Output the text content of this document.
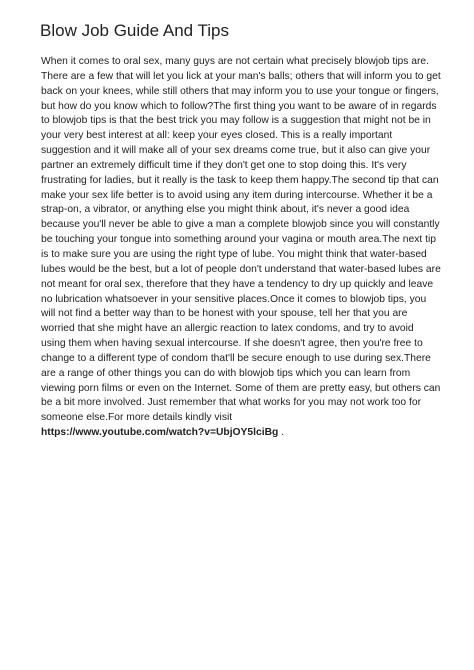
Blow Job Guide And Tips

When it comes to oral sex, many guys are not certain what precisely blowjob tips are. There are a few that will let you lick at your man's balls; others that will inform you to get back on your knees, while still others that may inform you to use your tongue or fingers, but how do you know which to follow?The first thing you want to be aware of in regards to blowjob tips is that the best trick you may follow is a suggestion that might not be in your very best interest at all: keep your eyes closed. This is a really important suggestion and it will make all of your sex dreams come true, but it also can give your partner an extremely difficult time if they don't get one to stop doing this. It's very frustrating for ladies, but it really is the task to keep them happy.The second tip that can make your sex life better is to avoid using any item during intercourse. Whether it be a strap-on, a vibrator, or anything else you might think about, it's never a good idea because you'll never be able to give a man a complete blowjob since you will constantly be touching your tongue into something around your vagina or mouth area.The next tip is to make sure you are using the right type of lube. You might think that water-based lubes would be the best, but a lot of people don't understand that water-based lubes are not meant for oral sex, therefore that they have a tendency to dry up quickly and leave no lubrication whatsoever in your sensitive places.Once it comes to blowjob tips, you will not find a better way than to be honest with your spouse, tell her that you are worried that she might have an allergic reaction to latex condoms, and try to avoid using them when having sexual intercourse. If she doesn't agree, then you're free to change to a different type of condom that'll be secure enough to use during sex.There are a range of other things you can do with blowjob tips which you can learn from viewing porn films or even on the Internet. Some of them are pretty easy, but others can be a bit more involved. Just remember that what works for you may not work too for someone else.For more details kindly visit
https://www.youtube.com/watch?v=UbjOY5lciBg .
